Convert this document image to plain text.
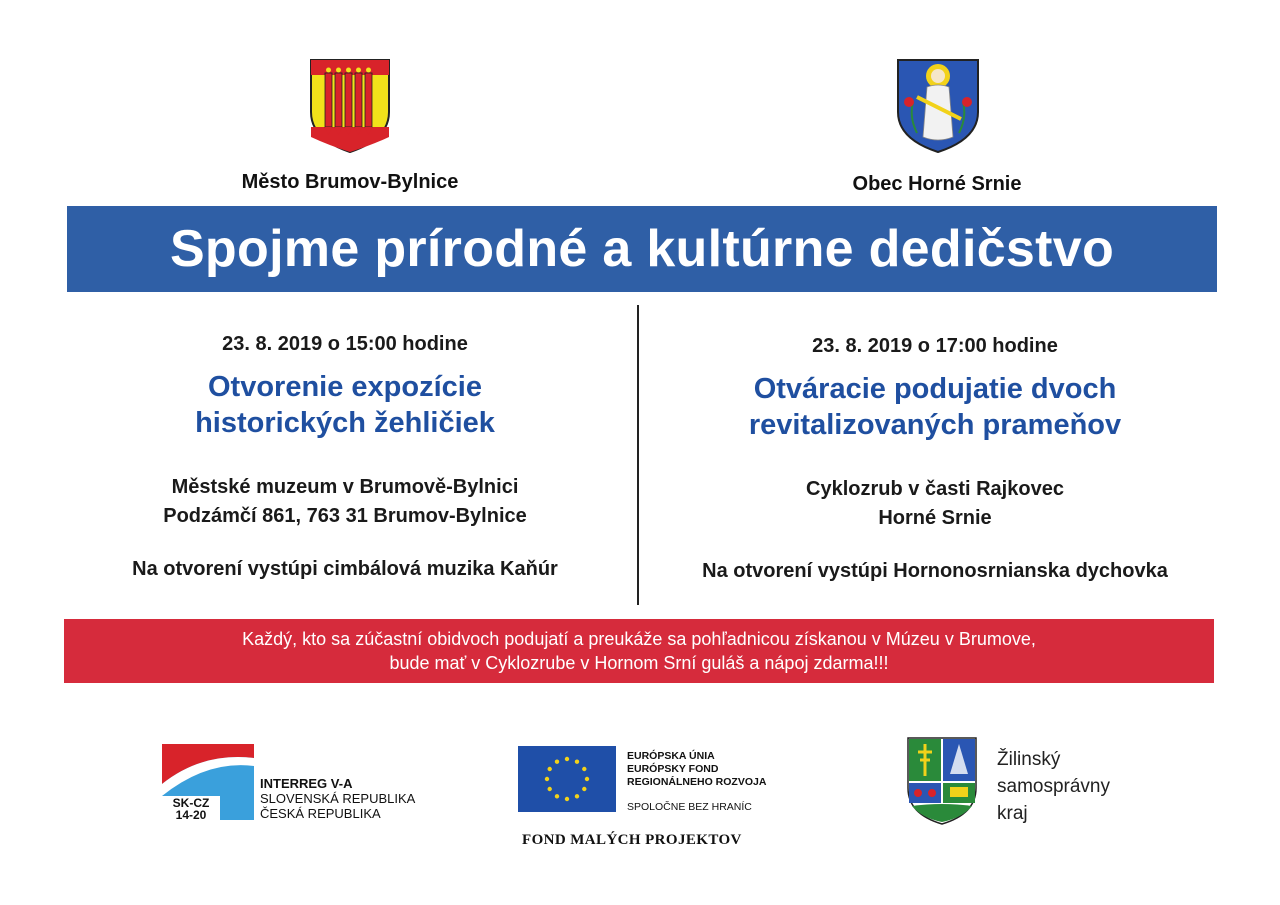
Město Brumov-Bylnice	Obec Horné Srnie
Spojme prírodné a kultúrne dedičstvo
23. 8. 2019 o 15:00 hodine
Otvorenie expozície
historických žehličiek
Městské muzeum v Brumově-Bylnici
Podzámčí 861, 763 31 Brumov-Bylnice
Na otvorení vystúpi cimbálová muzika Kaňúr
23. 8. 2019 o 17:00 hodine
Otváracie podujatie dvoch
revitalizovaných prameňov
Cyklozrub v časti Rajkovec
Horné Srnie
Na otvorení vystúpi Hornonosrnianska dychovka
Každý, kto sa zúčastní obidvoch podujatí a preukáže sa pohľadnicou získanou v Múzeu v Brumove,
bude mať v Cyklozrube v Hornom Srní guláš a nápoj zdarma!!!
SK-CZ
14-20
INTERREG V-A
SLOVENSKÁ REPUBLIKA
ČESKÁ REPUBLIKA
EURÓPSKA ÚNIA
EURÓPSKY FOND
REGIONÁLNEHO ROZVOJA
SPOLOČNE BEZ HRANÍC
FOND MALÝCH PROJEKTOV
Žilinský
samosprávny
kraj
